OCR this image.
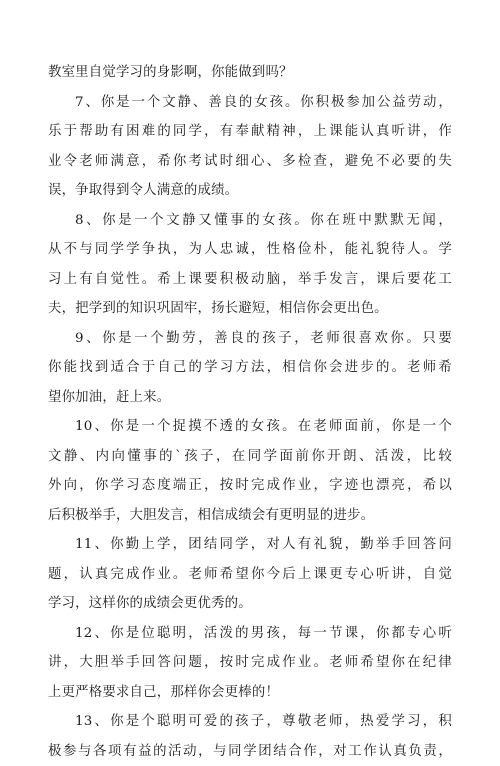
教室里自觉学习的身影啊，你能做到吗？
7、你是一个文静、善良的女孩。你积极参加公益劳动，
乐于帮助有困难的同学，有奉献精神，上课能认真听讲，作
业令老师满意，希你考试时细心、多检查，避免不必要的失
误，争取得到令人满意的成绩。
8、你是一个文静又懂事的女孩。你在班中默默无闻，
从不与同学学争执，为人忠诚，性格俭朴，能礼貌待人。学
习上有自觉性。希上课要积极动脑，举手发言，课后要花工
夫，把学到的知识巩固牢，扬长避短，相信你会更出色。
9、你是一个勤劳，善良的孩子，老师很喜欢你。只要
你能找到适合于自己的学习方法，相信你会进步的。老师希
望你加油，赶上来。
10、你是一个捉摸不透的女孩。在老师面前，你是一个
文静、内向懂事的`孩子，在同学面前你开朗、活泼，比较
外向，你学习态度端正，按时完成作业，字迹也漂亮，希以
后积极举手，大胆发言，相信成绩会有更明显的进步。
11、你勤上学，团结同学，对人有礼貌，勤举手回答问
题，认真完成作业。老师希望你今后上课更专心听讲，自觉
学习，这样你的成绩会更优秀的。
12、你是位聪明，活泼的男孩，每一节课，你都专心听
讲，大胆举手回答问题，按时完成作业。老师希望你在纪律
上更严格要求自己，那样你会更棒的！
13、你是个聪明可爱的孩子，尊敬老师，热爱学习，积
极参与各项有益的活动，与同学团结合作，对工作认真负责，
